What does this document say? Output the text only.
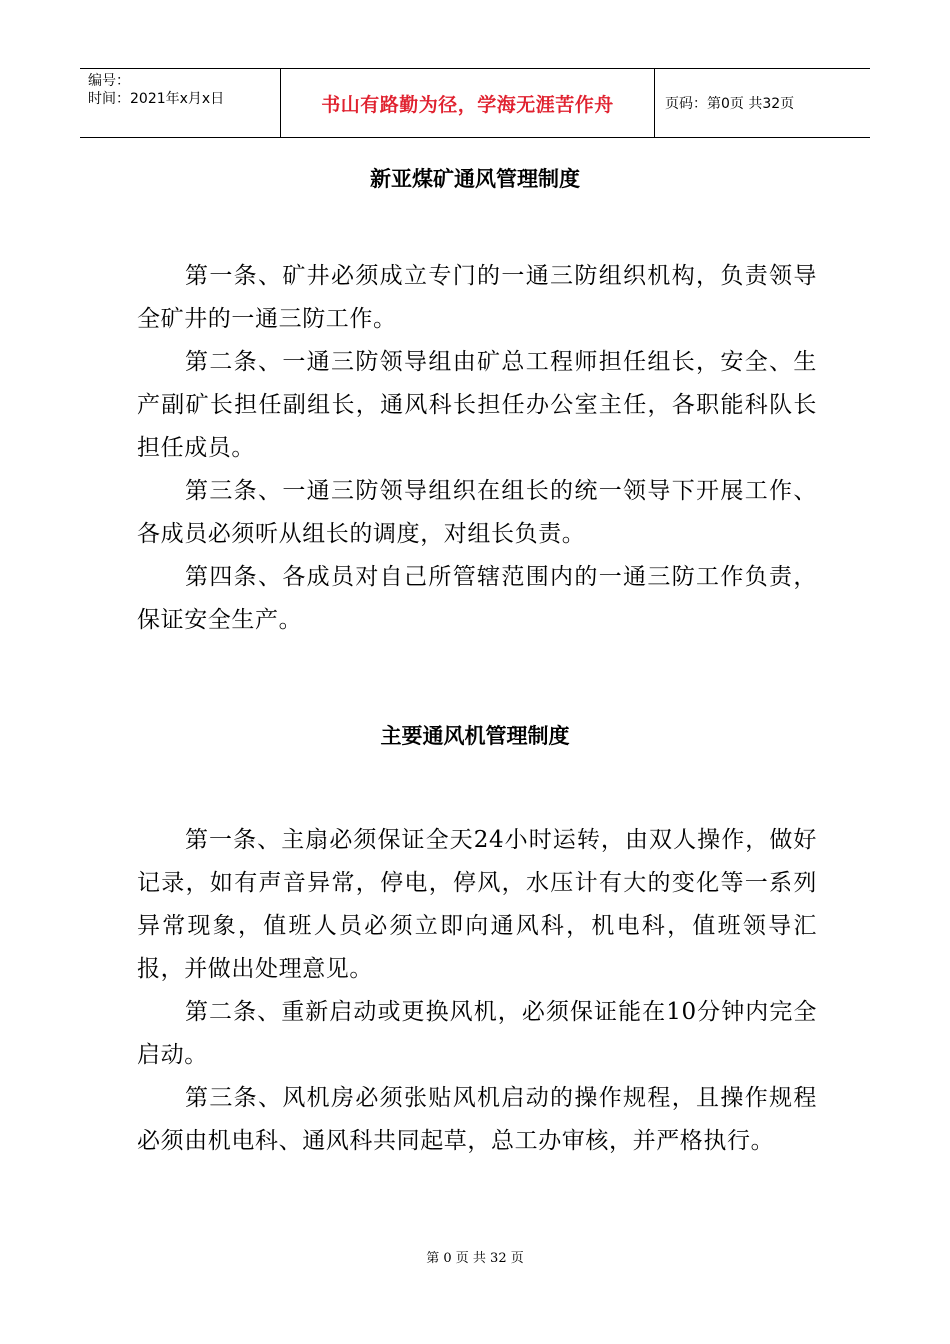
编号：
时间：2021年x月x日	书山有路勤为径，学海无涯苦作舟	页码：第0页 共32页
新亚煤矿通风管理制度

第一条、矿井必须成立专门的一通三防组织机构，负责领导全矿井的一通三防工作。

第二条、一通三防领导组由矿总工程师担任组长，安全、生产副矿长担任副组长，通风科长担任办公室主任，各职能科队长担任成员。

第三条、一通三防领导组织在组长的统一领导下开展工作、各成员必须听从组长的调度，对组长负责。

第四条、各成员对自己所管辖范围内的一通三防工作负责，保证安全生产。

主要通风机管理制度

第一条、主扇必须保证全天24小时运转，由双人操作，做好记录，如有声音异常，停电，停风，水压计有大的变化等一系列异常现象，值班人员必须立即向通风科，机电科，值班领导汇报，并做出处理意见。

第二条、重新启动或更换风机，必须保证能在10分钟内完全启动。

第三条、风机房必须张贴风机启动的操作规程，且操作规程必须由机电科、通风科共同起草，总工办审核，并严格执行。

第 0 页 共 32 页
